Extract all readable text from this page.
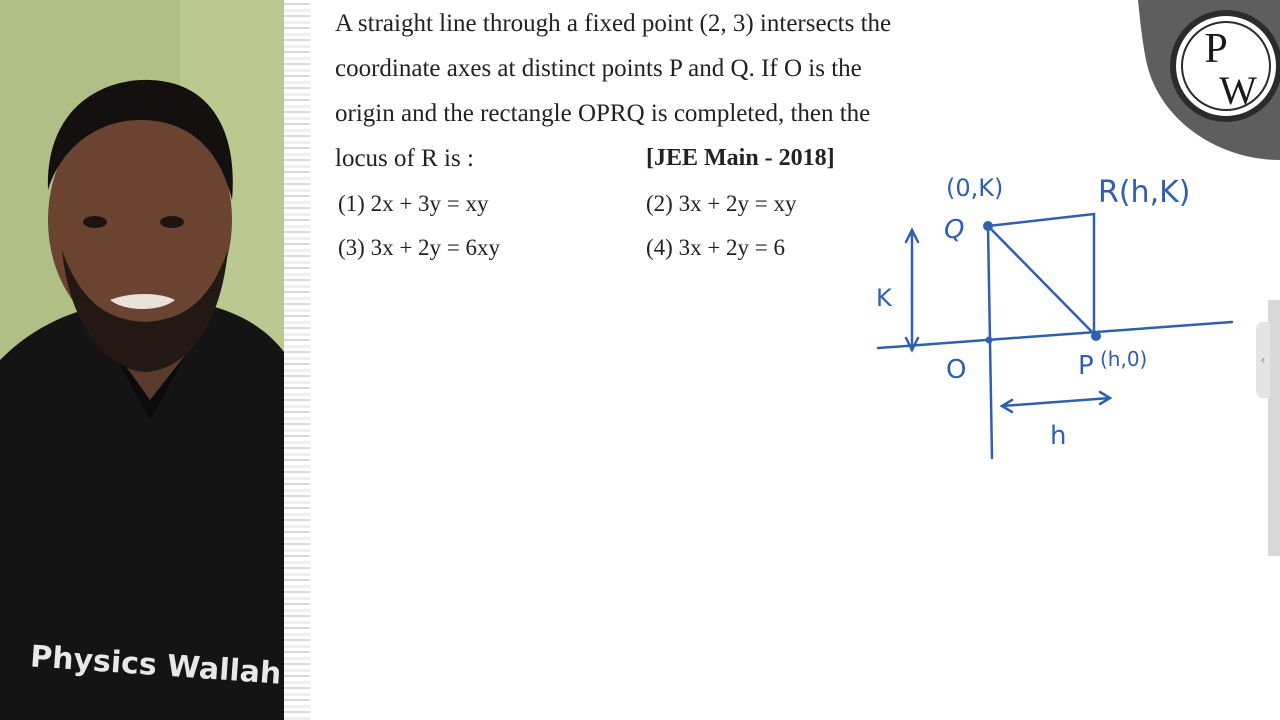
Physics Wallah
A straight line through a fixed point (2, 3) intersects the
coordinate axes at distinct points P and Q. If O is the
origin and the rectangle OPRQ is completed, then the
locus of R is :	[JEE Main - 2018]
(1) 2x + 3y = xy	(2) 3x + 2y = xy
(3) 3x + 2y = 6xy	(4) 3x + 2y = 6
(0,K)	R(h,K)
Q
K
O	P (h,0)
h
P
W
‹
